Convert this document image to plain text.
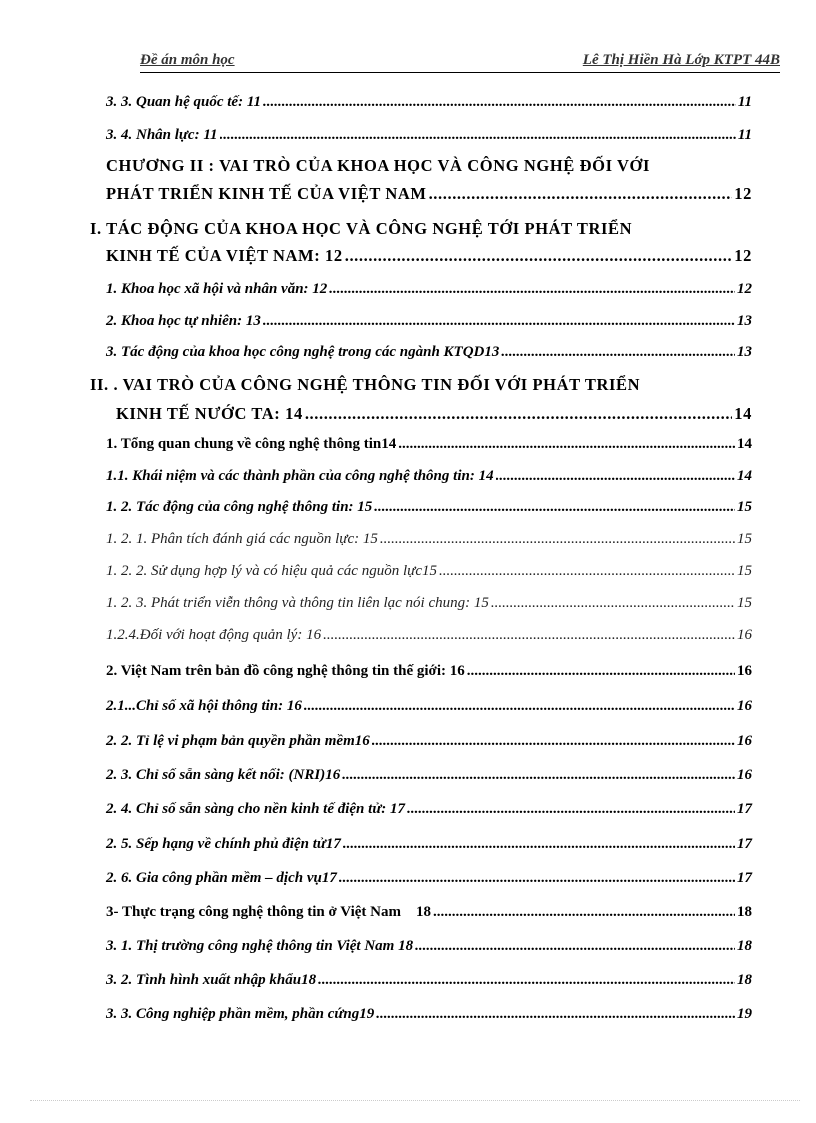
Đề án môn học	Lê Thị Hiền Hà Lớp KTPT 44B
3. 3. Quan hệ quốc tế: 11 .....	11
3. 4. Nhân lực: 11 .....	11
CHƯƠNG II : VAI TRÒ CỦA KHOA HỌC VÀ CÔNG NGHỆ ĐỐI VỚI
PHÁT TRIỂN KINH TẾ CỦA VIỆT NAM .....	12
I. TÁC ĐỘNG CỦA KHOA HỌC VÀ CÔNG NGHỆ TỚI PHÁT TRIỂN
KINH TẾ CỦA VIỆT NAM: 12 .....	12
1. Khoa học xã hội và nhân văn: 12 .....	12
2. Khoa học tự nhiên: 13 .....	13
3. Tác động của khoa học công nghệ trong các ngành KTQD13 .....	13
II. . VAI TRÒ CỦA CÔNG NGHỆ THÔNG TIN ĐỐI VỚI PHÁT TRIỂN
KINH TẾ NƯỚC TA: 14 .....	14
1. Tổng quan chung về công nghệ thông tin14 .....	14
1.1. Khái niệm và các thành phần của công nghệ thông tin: 14 .....	14
1. 2. Tác động của công nghệ thông tin: 15 .....	15
1. 2. 1. Phân tích đánh giá các nguồn lực: 15 .....	15
1. 2. 2. Sử dụng hợp lý và có hiệu quả các nguồn lực15 .....	15
1. 2. 3. Phát triển viễn thông và thông tin liên lạc nói chung: 15 .....	15
1.2.4.Đối với hoạt động quản lý: 16 .....	16
2. Việt Nam trên bản đồ công nghệ thông tin thế giới: 16 .....	16
2.1...Chỉ số xã hội thông tin: 16 .....	16
2. 2. Tỉ lệ vi phạm bản quyền phần mềm16 .....	16
2. 3. Chỉ số sẵn sàng kết nối: (NRI)16 .....	16
2. 4. Chỉ số sẵn sàng cho nền kinh tế điện tử: 17 .....	17
2. 5. Sếp hạng về chính phủ điện tử17 .....	17
2. 6. Gia công phần mềm – dịch vụ17 .....	17
3- Thực trạng công nghệ thông tin ở Việt Nam    18 .....	18
3. 1. Thị trường công nghệ thông tin Việt Nam 18 .....	18
3. 2. Tình hình xuất nhập khẩu18 .....	18
3. 3. Công nghiệp phần mềm, phần cứng19 .....	19
